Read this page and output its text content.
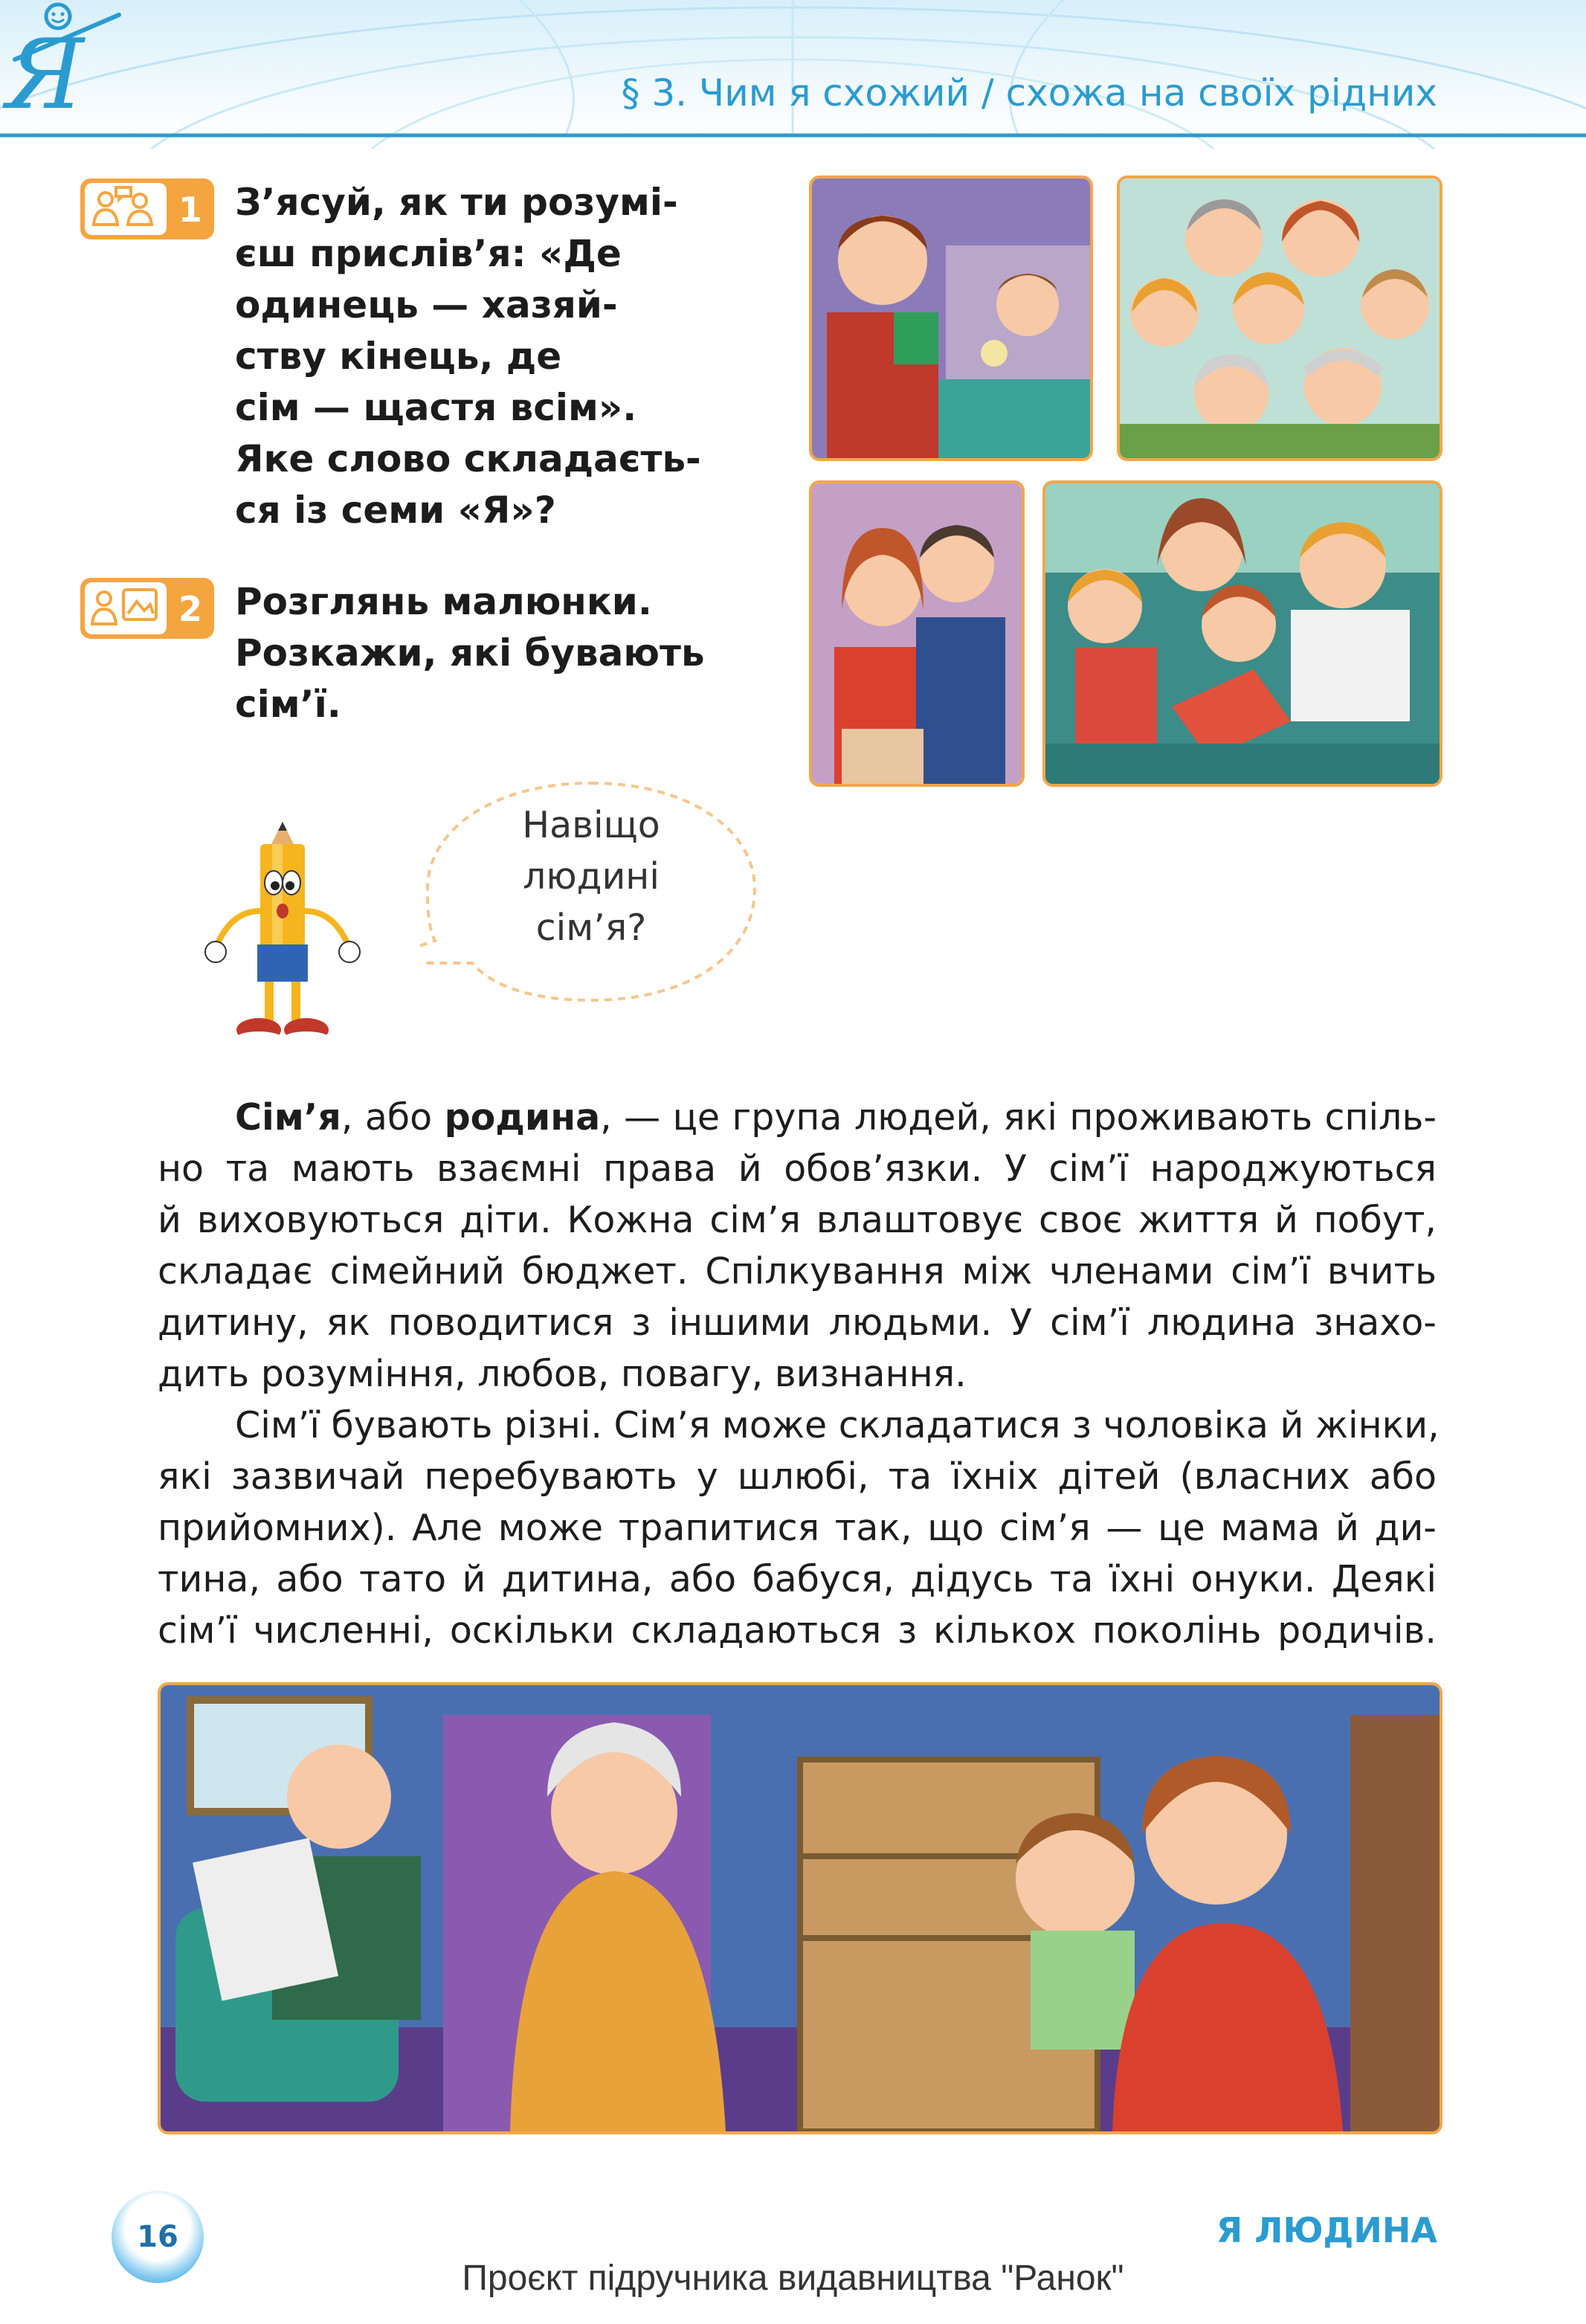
Я	§ 3. Чим я схожий / схожа на своїх рідних
1 З’ясуй, як ти розумі-
єш прислів’я: «Де
одинець — хазяй-
ству кінець, де
сім — щастя всім».
Яке слово складаєть-
ся із семи «Я»?
2 Розглянь малюнки.
Розкажи, які бувають
сім’ї.
Навіщо
людині
сім’я?
Сім’я, або родина, — це група людей, які проживають спіль-
но та мають взаємні права й обов’язки. У сім’ї народжуються
й виховуються діти. Кожна сім’я влаштовує своє життя й побут,
складає сімейний бюджет. Спілкування між членами сім’ї вчить
дитину, як поводитися з іншими людьми. У сім’ї людина знахо-
дить розуміння, любов, повагу, визнання.
Сім’ї бувають різні. Сім’я може складатися з чоловіка й жінки,
які зазвичай перебувають у шлюбі, та їхніх дітей (власних або
прийомних). Але може трапитися так, що сім’я — це мама й ди-
тина, або тато й дитина, або бабуся, дідусь та їхні онуки. Деякі
сім’ї численні, оскільки складаються з кількох поколінь родичів.
16	Я ЛЮДИНА
Проєкт підручника видавництва "Ранок"
